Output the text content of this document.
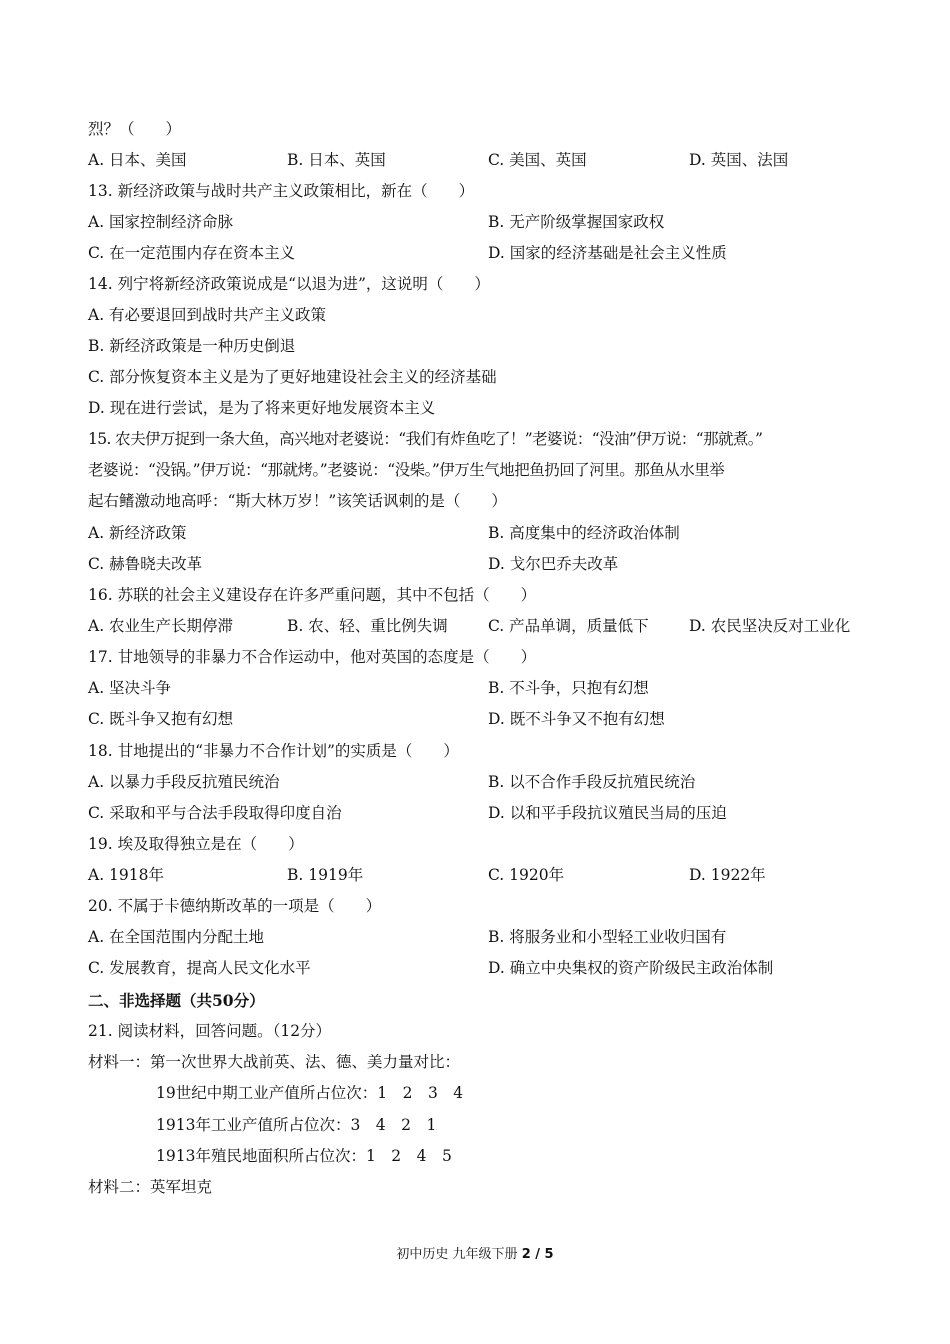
烈？（　　）
A. 日本、美国	B. 日本、英国	C. 美国、英国	D. 英国、法国
13. 新经济政策与战时共产主义政策相比，新在（　　）
A. 国家控制经济命脉	B. 无产阶级掌握国家政权
C. 在一定范围内存在资本主义	D. 国家的经济基础是社会主义性质
14. 列宁将新经济政策说成是“以退为进”，这说明（　　）
A. 有必要退回到战时共产主义政策
B. 新经济政策是一种历史倒退
C. 部分恢复资本主义是为了更好地建设社会主义的经济基础
D. 现在进行尝试，是为了将来更好地发展资本主义
15. 农夫伊万捉到一条大鱼，高兴地对老婆说：“我们有炸鱼吃了！”老婆说：“没油”伊万说：“那就煮。”
老婆说：“没锅。”伊万说：“那就烤。”老婆说：“没柴。”伊万生气地把鱼扔回了河里。那鱼从水里举
起右鳍激动地高呼：“斯大林万岁！”该笑话讽刺的是（　　）
A. 新经济政策	B. 高度集中的经济政治体制
C. 赫鲁晓夫改革	D. 戈尔巴乔夫改革
16. 苏联的社会主义建设存在许多严重问题，其中不包括（　　）
A. 农业生产长期停滞	B. 农、轻、重比例失调	C. 产品单调，质量低下	D. 农民坚决反对工业化
17. 甘地领导的非暴力不合作运动中，他对英国的态度是（　　）
A. 坚决斗争	B. 不斗争，只抱有幻想
C. 既斗争又抱有幻想	D. 既不斗争又不抱有幻想
18. 甘地提出的“非暴力不合作计划”的实质是（　　）
A. 以暴力手段反抗殖民统治	B. 以不合作手段反抗殖民统治
C. 采取和平与合法手段取得印度自治	D. 以和平手段抗议殖民当局的压迫
19. 埃及取得独立是在（　　）
A. 1918年	B. 1919年	C. 1920年	D. 1922年
20. 不属于卡德纳斯改革的一项是（　　）
A. 在全国范围内分配土地	B. 将服务业和小型轻工业收归国有
C. 发展教育，提高人民文化水平	D. 确立中央集权的资产阶级民主政治体制
二、非选择题（共50分）
21. 阅读材料，回答问题。（12分）
材料一：第一次世界大战前英、法、德、美力量对比：
19世纪中期工业产值所占位次：1　2　3　4
1913年工业产值所占位次：3　4　2　1
1913年殖民地面积所占位次：1　2　4　5
材料二：英军坦克
初中历史 九年级下册 2 / 5
